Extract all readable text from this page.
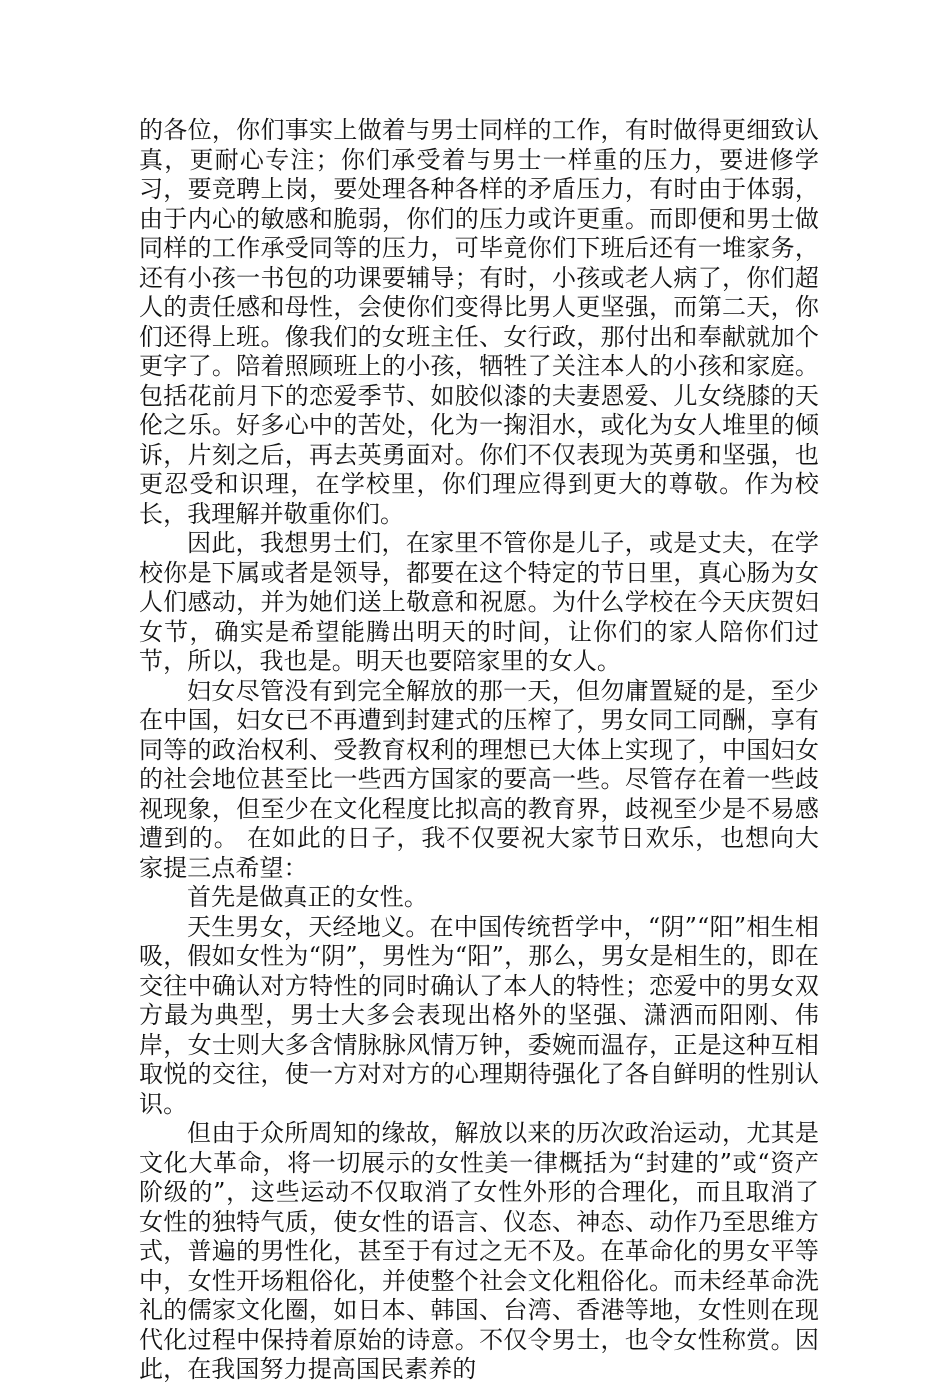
的各位，你们事实上做着与男士同样的工作，有时做得更细致认真，更耐心专注；你们承受着与男士一样重的压力，要进修学习，要竞聘上岗，要处理各种各样的矛盾压力，有时由于体弱，由于内心的敏感和脆弱，你们的压力或许更重。而即便和男士做同样的工作承受同等的压力，可毕竟你们下班后还有一堆家务，还有小孩一书包的功课要辅导；有时，小孩或老人病了，你们超人的责任感和母性，会使你们变得比男人更坚强，而第二天，你们还得上班。像我们的女班主任、女行政，那付出和奉献就加个更字了。陪着照顾班上的小孩，牺牲了关注本人的小孩和家庭。包括花前月下的恋爱季节、如胶似漆的夫妻恩爱、儿女绕膝的天伦之乐。好多心中的苦处，化为一掬泪水，或化为女人堆里的倾诉，片刻之后，再去英勇面对。你们不仅表现为英勇和坚强，也更忍受和识理，在学校里，你们理应得到更大的尊敬。作为校长，我理解并敬重你们。

因此，我想男士们，在家里不管你是儿子，或是丈夫，在学校你是下属或者是领导，都要在这个特定的节日里，真心肠为女人们感动，并为她们送上敬意和祝愿。为什么学校在今天庆贺妇女节，确实是希望能腾出明天的时间，让你们的家人陪你们过节，所以，我也是。明天也要陪家里的女人。

妇女尽管没有到完全解放的那一天，但勿庸置疑的是，至少在中国，妇女已不再遭到封建式的压榨了，男女同工同酬，享有同等的政治权利、受教育权利的理想已大体上实现了，中国妇女的社会地位甚至比一些西方国家的要高一些。尽管存在着一些歧视现象，但至少在文化程度比拟高的教育界，歧视至少是不易感遭到的。 在如此的日子，我不仅要祝大家节日欢乐，也想向大家提三点希望：

首先是做真正的女性。

天生男女，天经地义。在中国传统哲学中，“阴”“阳”相生相吸，假如女性为“阴”，男性为“阳”，那么，男女是相生的，即在交往中确认对方特性的同时确认了本人的特性；恋爱中的男女双方最为典型，男士大多会表现出格外的坚强、潇洒而阳刚、伟岸，女士则大多含情脉脉风情万钟，委婉而温存，正是这种互相取悦的交往，使一方对对方的心理期待强化了各自鲜明的性别认识。

但由于众所周知的缘故，解放以来的历次政治运动，尤其是文化大革命，将一切展示的女性美一律概括为“封建的”或“资产阶级的”，这些运动不仅取消了女性外形的合理化，而且取消了女性的独特气质，使女性的语言、仪态、神态、动作乃至思维方式，普遍的男性化，甚至于有过之无不及。在革命化的男女平等中，女性开场粗俗化，并使整个社会文化粗俗化。而未经革命洗礼的儒家文化圈，如日本、韩国、台湾、香港等地，女性则在现代化过程中保持着原始的诗意。不仅令男士，也令女性称赏。因此，在我国努力提高国民素养的
